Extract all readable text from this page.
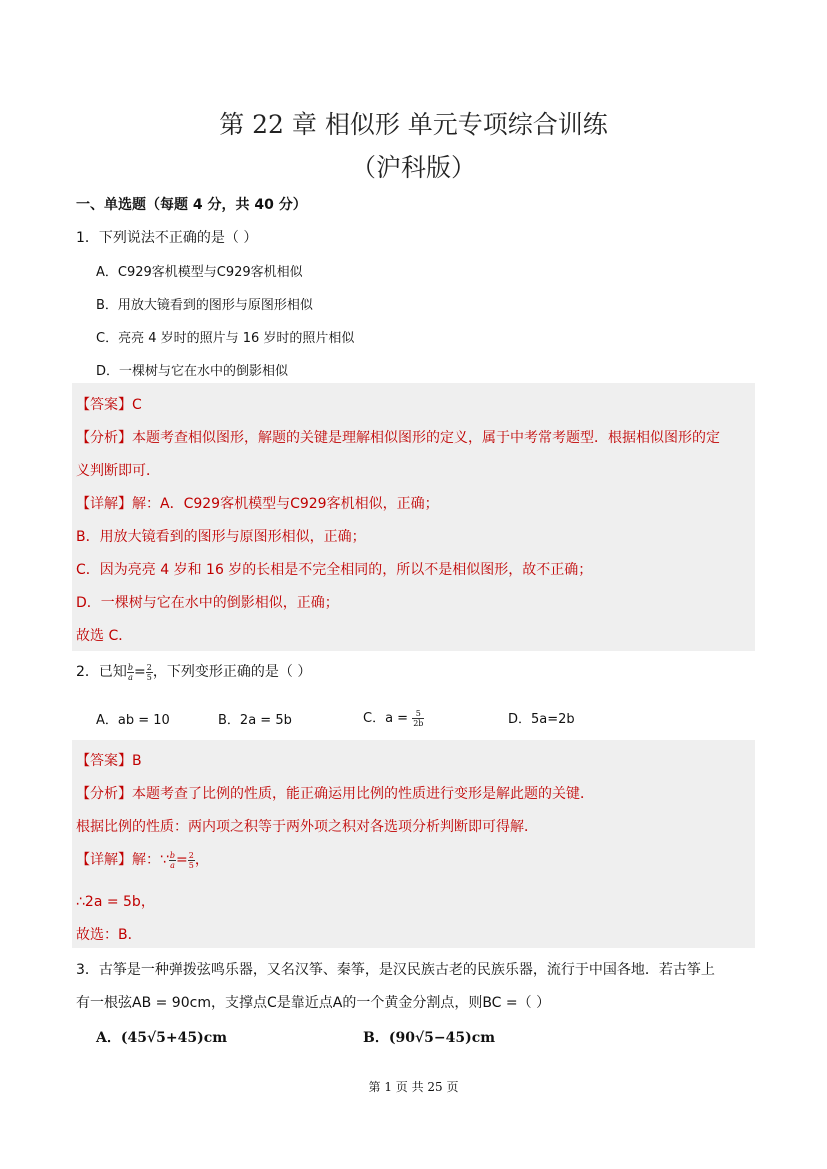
第 22 章 相似形 单元专项综合训练
（沪科版）
一、单选题（每题 4 分，共 40 分）
1．下列说法不正确的是（ ）
A．C929客机模型与C929客机相似
B．用放大镜看到的图形与原图形相似
C．亮亮 4 岁时的照片与 16 岁时的照片相似
D．一棵树与它在水中的倒影相似
【答案】C
【分析】本题考查相似图形，解题的关键是理解相似图形的定义，属于中考常考题型．根据相似图形的定
义判断即可．
【详解】解：A．C929客机模型与C929客机相似，正确；
B．用放大镜看到的图形与原图形相似，正确；
C．因为亮亮 4 岁和 16 岁的长相是不完全相同的，所以不是相似图形，故不正确；
D．一棵树与它在水中的倒影相似，正确；
故选 C．
2．已知 $\frac{b}{a} = \frac{2}{5}$ ，下列变形正确的是（ ）
A．ab = 10	B．2a = 5b	C．$a = \frac{5}{2b}$	D．5a=2b
【答案】B
【分析】本题考查了比例的性质，能正确运用比例的性质进行变形是解此题的关键．
根据比例的性质：两内项之积等于两外项之积对各选项分析判断即可得解．
【详解】解：∵ $\frac{b}{a} = \frac{2}{5}$ ，
∴2a = 5b，
故选：B．
3．古筝是一种弹拨弦鸣乐器，又名汉筝、秦筝，是汉民族古老的民族乐器，流行于中国各地．若古筝上
有一根弦AB = 90cm，支撑点C是靠近点A的一个黄金分割点，则BC =（ ）
A．(45√5+45)cm	B．(90√5−45)cm
第 1 页 共 25 页
